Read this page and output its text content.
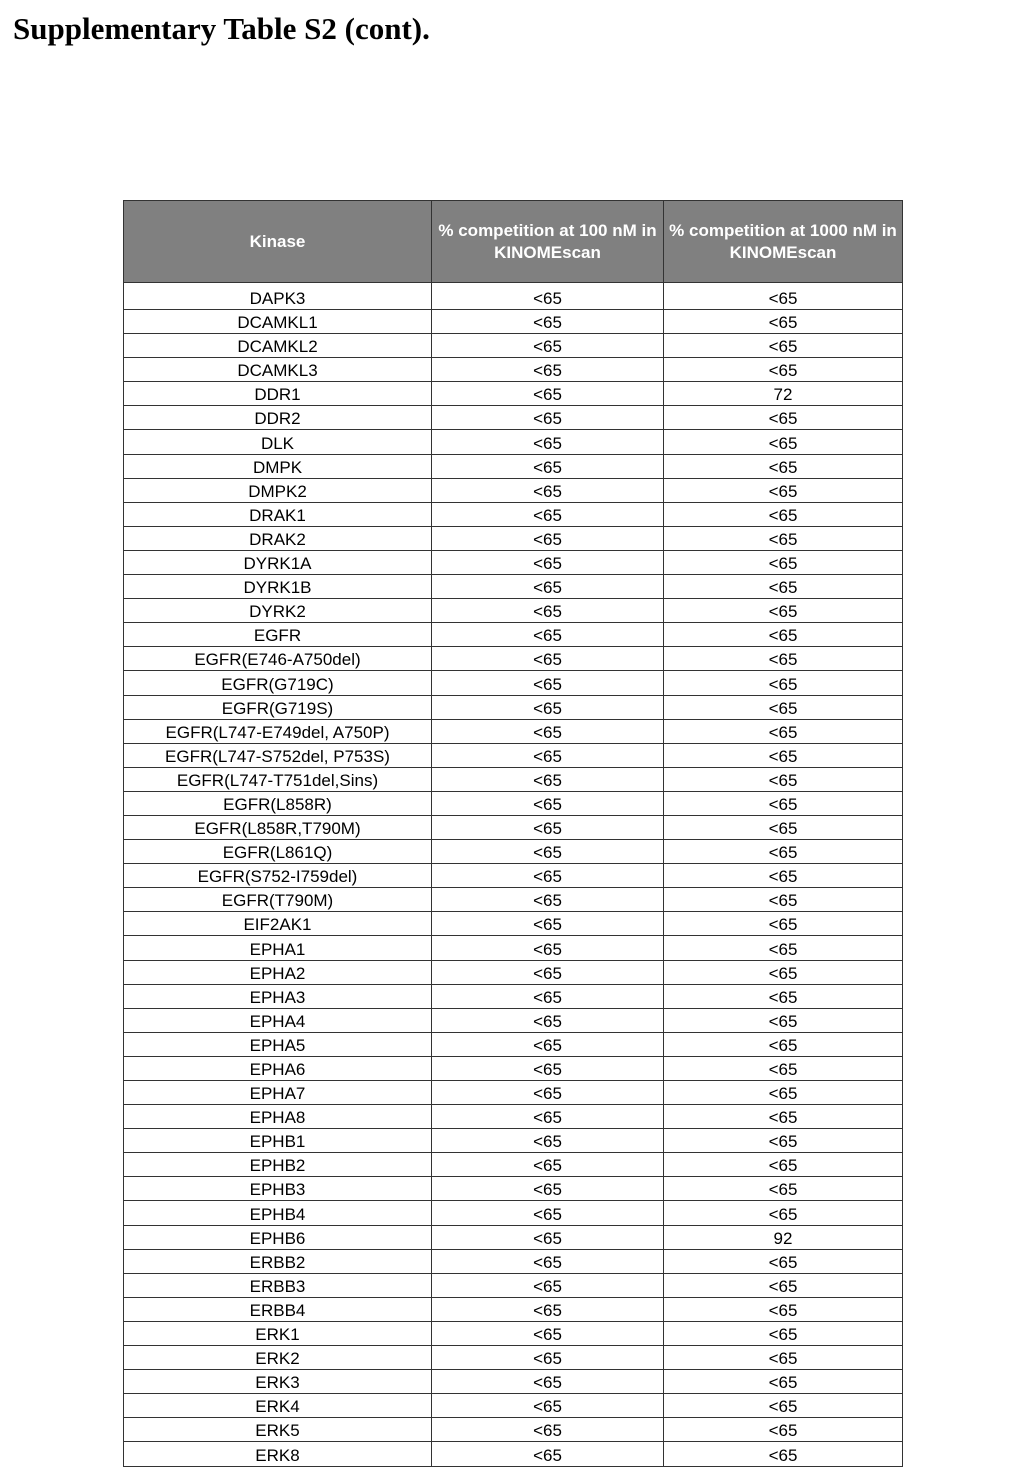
Supplementary Table S2 (cont).
Kinase	% competition at 100 nM in KINOMEscan	% competition at 1000 nM in KINOMEscan
DAPK3	<65	<65
DCAMKL1	<65	<65
DCAMKL2	<65	<65
DCAMKL3	<65	<65
DDR1	<65	72
DDR2	<65	<65
DLK	<65	<65
DMPK	<65	<65
DMPK2	<65	<65
DRAK1	<65	<65
DRAK2	<65	<65
DYRK1A	<65	<65
DYRK1B	<65	<65
DYRK2	<65	<65
EGFR	<65	<65
EGFR(E746-A750del)	<65	<65
EGFR(G719C)	<65	<65
EGFR(G719S)	<65	<65
EGFR(L747-E749del, A750P)	<65	<65
EGFR(L747-S752del, P753S)	<65	<65
EGFR(L747-T751del,Sins)	<65	<65
EGFR(L858R)	<65	<65
EGFR(L858R,T790M)	<65	<65
EGFR(L861Q)	<65	<65
EGFR(S752-I759del)	<65	<65
EGFR(T790M)	<65	<65
EIF2AK1	<65	<65
EPHA1	<65	<65
EPHA2	<65	<65
EPHA3	<65	<65
EPHA4	<65	<65
EPHA5	<65	<65
EPHA6	<65	<65
EPHA7	<65	<65
EPHA8	<65	<65
EPHB1	<65	<65
EPHB2	<65	<65
EPHB3	<65	<65
EPHB4	<65	<65
EPHB6	<65	92
ERBB2	<65	<65
ERBB3	<65	<65
ERBB4	<65	<65
ERK1	<65	<65
ERK2	<65	<65
ERK3	<65	<65
ERK4	<65	<65
ERK5	<65	<65
ERK8	<65	<65
